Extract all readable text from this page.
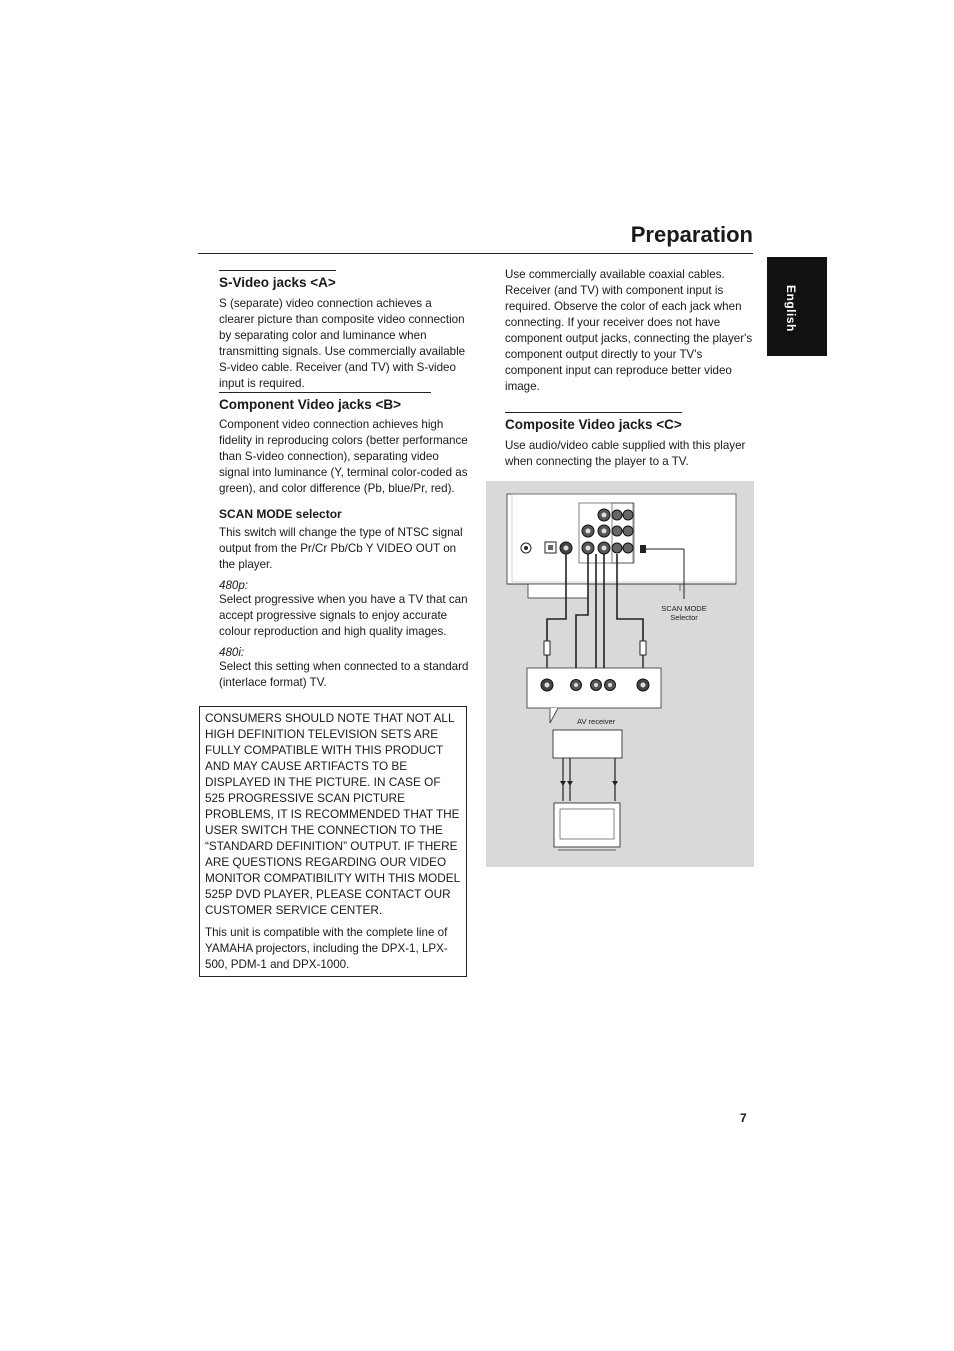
Preparation
English
S-Video jacks <A>
S (separate) video connection achieves a clearer picture than composite video connection by separating color and luminance when transmitting signals. Use commercially available S-video cable. Receiver (and TV) with S-video input is required.
Component Video jacks <B>
Component video connection achieves high fidelity in reproducing colors (better performance than S-video connection), separating video signal into luminance (Y, terminal color-coded as green), and color difference (Pb, blue/Pr, red).
SCAN MODE selector
This switch will change the type of NTSC signal output from the Pr/Cr Pb/Cb Y VIDEO OUT on the player.
480p:
Select progressive when you have a TV that can accept progressive signals to enjoy accurate colour reproduction and high quality images.
480i:
Select this setting when connected to a standard (interlace format) TV.
CONSUMERS SHOULD NOTE THAT NOT ALL HIGH DEFINITION TELEVISION SETS ARE FULLY COMPATIBLE WITH THIS PRODUCT AND MAY CAUSE ARTIFACTS TO BE DISPLAYED IN THE PICTURE. IN CASE OF 525 PROGRESSIVE SCAN PICTURE PROBLEMS, IT IS RECOMMENDED THAT THE USER SWITCH THE CONNECTION TO THE “STANDARD DEFINITION” OUTPUT. IF THERE ARE QUESTIONS REGARDING OUR VIDEO MONITOR COMPATIBILITY WITH THIS MODEL 525P DVD PLAYER, PLEASE CONTACT OUR CUSTOMER SERVICE CENTER.
This unit is compatible with the complete line of YAMAHA projectors, including the DPX-1, LPX-500, PDM-1 and DPX-1000.
Use commercially available coaxial cables. Receiver (and TV) with component input is required. Observe the color of each jack when connecting. If your receiver does not have component output jacks, connecting the player's component output directly to your TV's component input can reproduce better video image.
Composite Video jacks <C>
Use audio/video cable supplied with this player when connecting the player to a TV.
SCAN MODE
Selector
AV receiver
7
